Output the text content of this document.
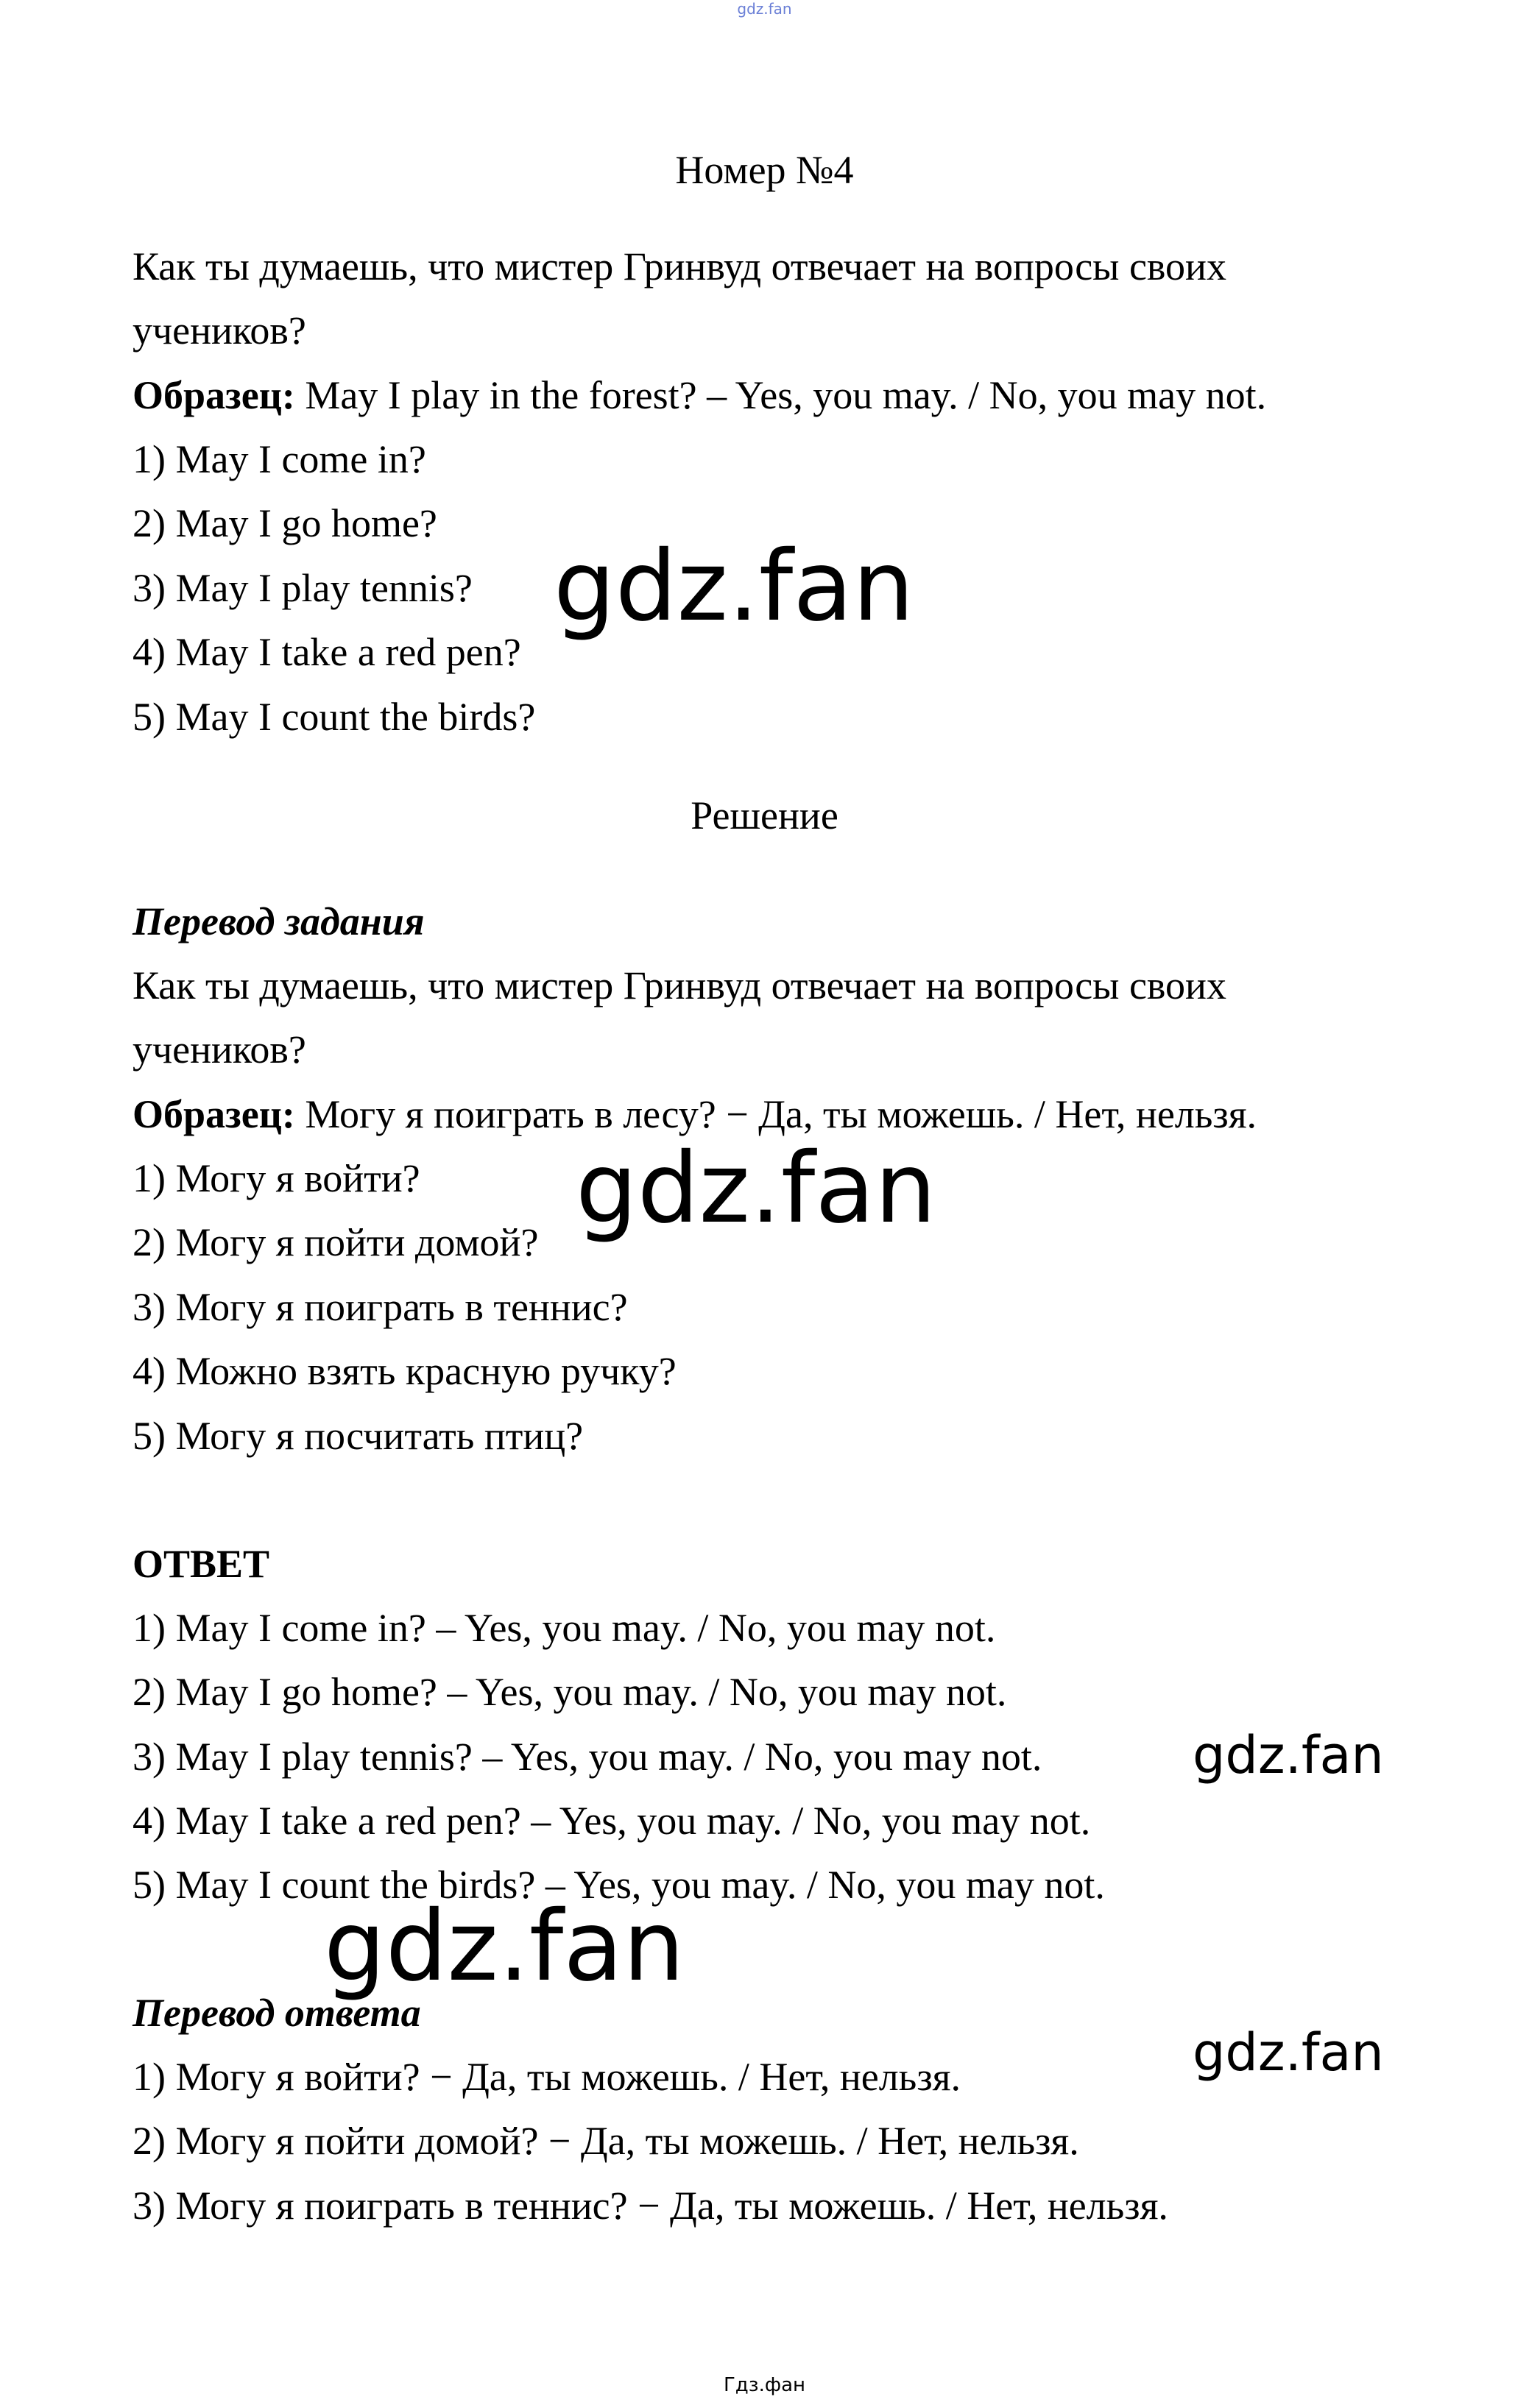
gdz.fan
Номер №4
Как ты думаешь, что мистер Гринвуд отвечает на вопросы своих
учеников?
Образец: May I play in the forest? – Yes, you may. / No, you may not.
1) May I come in?
2) May I go home?
3) May I play tennis?
4) May I take a red pen?
5) May I count the birds?
Решение
Перевод задания
Как ты думаешь, что мистер Гринвуд отвечает на вопросы своих
учеников?
Образец: Могу я поиграть в лесу? − Да, ты можешь. / Нет, нельзя.
1) Могу я войти?
2) Могу я пойти домой?
3) Могу я поиграть в теннис?
4) Можно взять красную ручку?
5) Могу я посчитать птиц?
ОТВЕТ
1) May I come in? – Yes, you may. / No, you may not.
2) May I go home? – Yes, you may. / No, you may not.
3) May I play tennis? – Yes, you may. / No, you may not.
4) May I take a red pen? – Yes, you may. / No, you may not.
5) May I count the birds? – Yes, you may. / No, you may not.
Перевод ответа
1) Могу я войти? − Да, ты можешь. / Нет, нельзя.
2) Могу я пойти домой? − Да, ты можешь. / Нет, нельзя.
3) Могу я поиграть в теннис? − Да, ты можешь. / Нет, нельзя.
gdz.fan
gdz.fan
gdz.fan
gdz.fan
gdz.fan
Гдз.фан
